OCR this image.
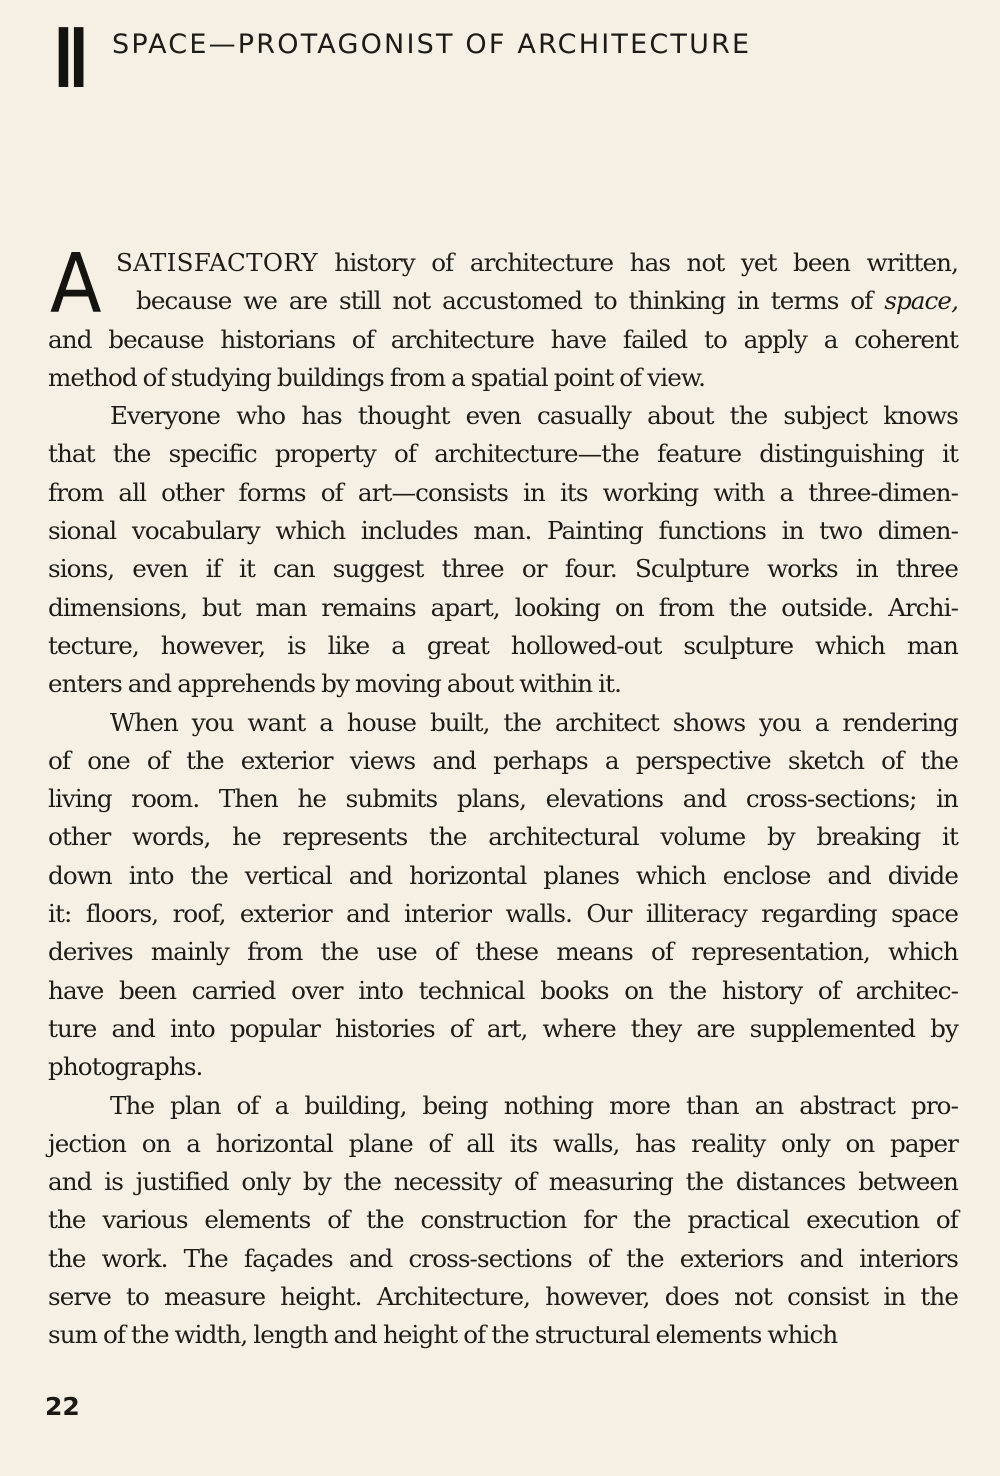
II SPACE—PROTAGONIST OF ARCHITECTURE
A SATISFACTORY history of architecture has not yet been written,
because we are still not accustomed to thinking in terms of space,
and because historians of architecture have failed to apply a coherent
method of studying buildings from a spatial point of view.
Everyone who has thought even casually about the subject knows
that the specific property of architecture—the feature distinguishing it
from all other forms of art—consists in its working with a three-dimen-
sional vocabulary which includes man. Painting functions in two dimen-
sions, even if it can suggest three or four. Sculpture works in three
dimensions, but man remains apart, looking on from the outside. Archi-
tecture, however, is like a great hollowed-out sculpture which man
enters and apprehends by moving about within it.
When you want a house built, the architect shows you a rendering
of one of the exterior views and perhaps a perspective sketch of the
living room. Then he submits plans, elevations and cross-sections; in
other words, he represents the architectural volume by breaking it
down into the vertical and horizontal planes which enclose and divide
it: floors, roof, exterior and interior walls. Our illiteracy regarding space
derives mainly from the use of these means of representation, which
have been carried over into technical books on the history of architec-
ture and into popular histories of art, where they are supplemented by
photographs.
The plan of a building, being nothing more than an abstract pro-
jection on a horizontal plane of all its walls, has reality only on paper
and is justified only by the necessity of measuring the distances between
the various elements of the construction for the practical execution of
the work. The façades and cross-sections of the exteriors and interiors
serve to measure height. Architecture, however, does not consist in the
sum of the width, length and height of the structural elements which
22
